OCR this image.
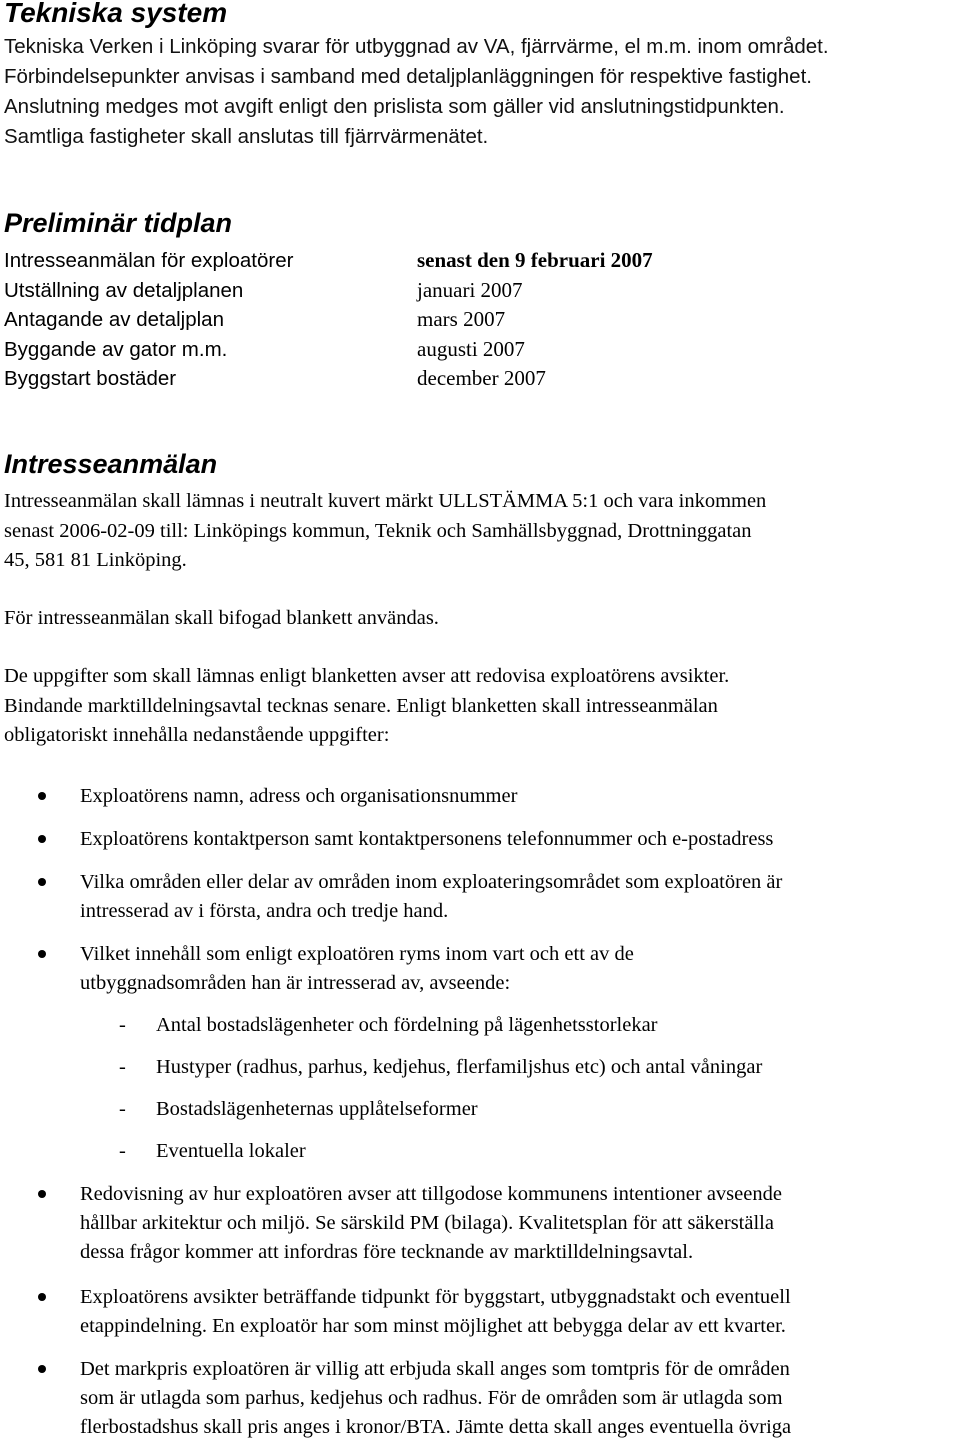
Tekniska system
Tekniska Verken i Linköping svarar för utbyggnad av VA, fjärrvärme, el m.m. inom området.
Förbindelsepunkter anvisas i samband med detaljplanläggningen för respektive fastighet.
Anslutning medges mot avgift enligt den prislista som gäller vid anslutningstidpunkten.
Samtliga fastigheter skall anslutas till fjärrvärmenätet.
Preliminär tidplan
Intresseanmälan för exploatörer	senast den 9 februari 2007
Utställning av detaljplanen	januari 2007
Antagande av detaljplan	mars 2007
Byggande av gator m.m.	augusti 2007
Byggstart bostäder	december 2007
Intresseanmälan
Intresseanmälan skall lämnas i neutralt kuvert märkt ULLSTÄMMA 5:1 och vara inkommen
senast 2006-02-09 till: Linköpings kommun, Teknik och Samhällsbyggnad, Drottninggatan
45, 581 81 Linköping.
För intresseanmälan skall bifogad blankett användas.
De uppgifter som skall lämnas enligt blanketten avser att redovisa exploatörens avsikter.
Bindande marktilldelningsavtal tecknas senare. Enligt blanketten skall intresseanmälan
obligatoriskt innehålla nedanstående uppgifter:
Exploatörens namn, adress och organisationsnummer
Exploatörens kontaktperson samt kontaktpersonens telefonnummer och e-postadress
Vilka områden eller delar av områden inom exploateringsområdet som exploatören är
intresserad av i första, andra och tredje hand.
Vilket innehåll som enligt exploatören ryms inom vart och ett av de
utbyggnadsområden han är intresserad av, avseende:
- Antal bostadslägenheter och fördelning på lägenhetsstorlekar
- Hustyper (radhus, parhus, kedjehus, flerfamiljshus etc) och antal våningar
- Bostadslägenheternas upplåtelseformer
- Eventuella lokaler
Redovisning av hur exploatören avser att tillgodose kommunens intentioner avseende
hållbar arkitektur och miljö. Se särskild PM (bilaga). Kvalitetsplan för att säkerställa
dessa frågor kommer att infordras före tecknande av marktilldelningsavtal.
Exploatörens avsikter beträffande tidpunkt för byggstart, utbyggnadstakt och eventuell
etappindelning. En exploatör har som minst möjlighet att bebygga delar av ett kvarter.
Det markpris exploatören är villig att erbjuda skall anges som tomtpris för de områden
som är utlagda som parhus, kedjehus och radhus. För de områden som är utlagda som
flerbostadshus skall pris anges i kronor/BTA. Jämte detta skall anges eventuella övriga
